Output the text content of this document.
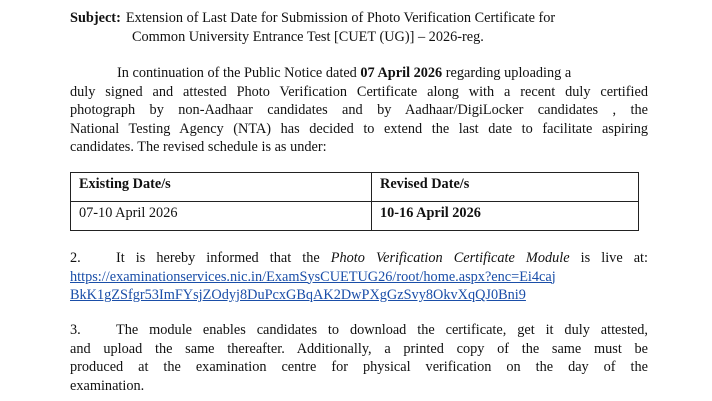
Subject: Extension of Last Date for Submission of Photo Verification Certificate for
Common University Entrance Test [CUET (UG)] – 2026-reg.
In continuation of the Public Notice dated 07 April 2026 regarding uploading a
duly signed and attested Photo Verification Certificate along with a recent duly certified
photograph by non-Aadhaar candidates and by Aadhaar/DigiLocker candidates , the
National Testing Agency (NTA) has decided to extend the last date to facilitate aspiring
candidates. The revised schedule is as under:
Existing Date/s	Revised Date/s
07-10 April 2026	10-16 April 2026
2. It is hereby informed that the Photo Verification Certificate Module is live at:
https://examinationservices.nic.in/ExamSysCUETUG26/root/home.aspx?enc=Ei4caj
BkK1gZSfgr53ImFYsjZOdyj8DuPcxGBqAK2DwPXgGzSvy8OkvXqQJ0Bni9
3. The module enables candidates to download the certificate, get it duly attested,
and upload the same thereafter. Additionally, a printed copy of the same must be
produced at the examination centre for physical verification on the day of the
examination.
